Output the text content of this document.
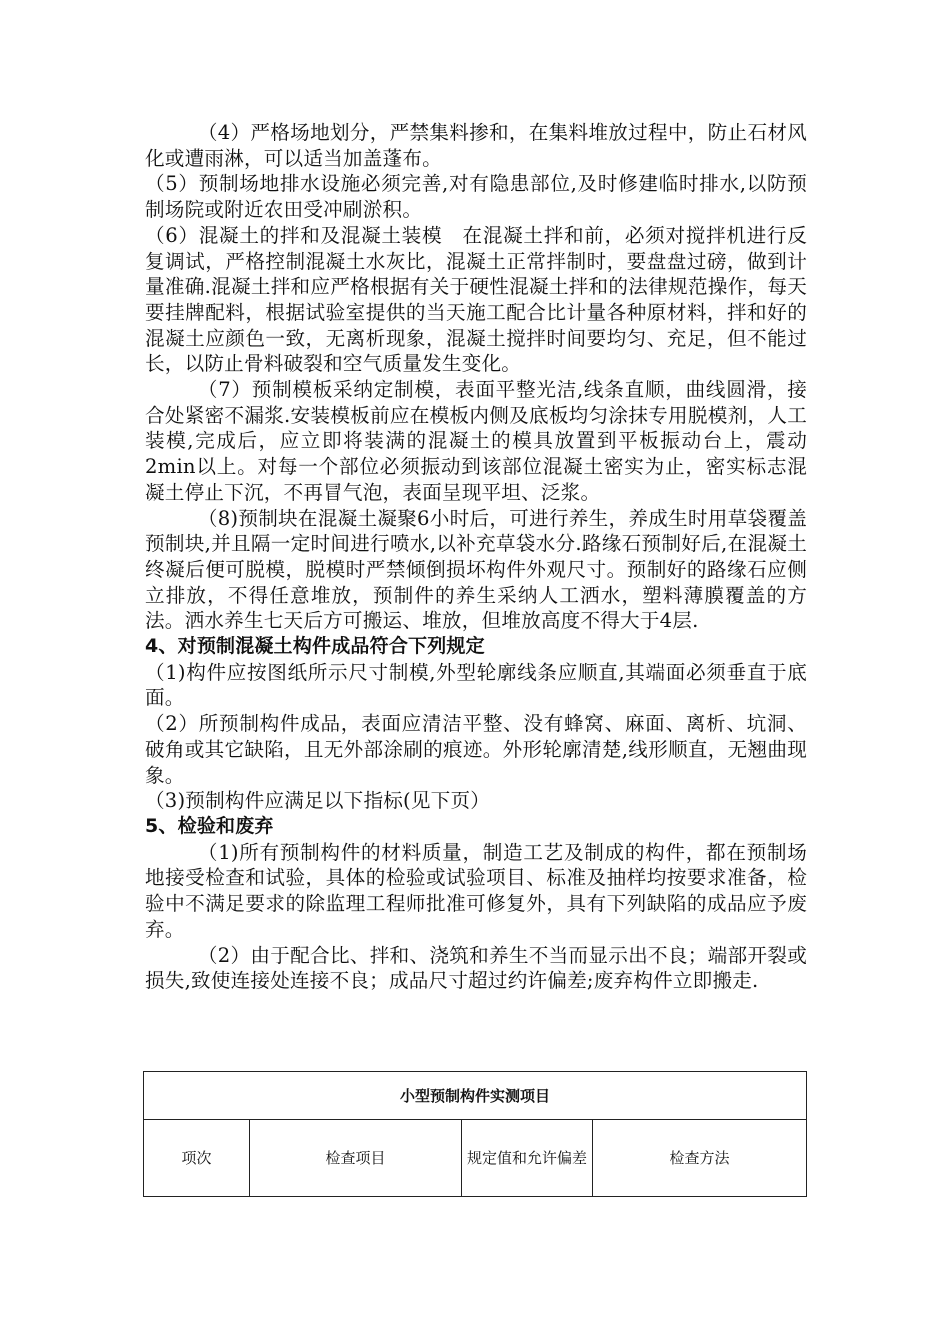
（4）严格场地划分，严禁集料掺和，在集料堆放过程中，防止石材风化或遭雨淋，可以适当加盖蓬布。

（5）预制场地排水设施必须完善,对有隐患部位,及时修建临时排水,以防预制场院或附近农田受冲刷淤积。

（6）混凝土的拌和及混凝土装模　在混凝土拌和前，必须对搅拌机进行反复调试，严格控制混凝土水灰比，混凝土正常拌制时，要盘盘过磅，做到计量准确.混凝土拌和应严格根据有关于硬性混凝土拌和的法律规范操作，每天要挂牌配料，根据试验室提供的当天施工配合比计量各种原材料，拌和好的混凝土应颜色一致，无离析现象，混凝土搅拌时间要均匀、充足，但不能过长，以防止骨料破裂和空气质量发生变化。

（7）预制模板采纳定制模，表面平整光洁,线条直顺，曲线圆滑，接合处紧密不漏浆.安装模板前应在模板内侧及底板均匀涂抹专用脱模剂，人工装模,完成后，应立即将装满的混凝土的模具放置到平板振动台上，震动2min以上。对每一个部位必须振动到该部位混凝土密实为止，密实标志混凝土停止下沉，不再冒气泡，表面呈现平坦、泛浆。

（8)预制块在混凝土凝聚6小时后，可进行养生，养成生时用草袋覆盖预制块,并且隔一定时间进行喷水,以补充草袋水分.路缘石预制好后,在混凝土终凝后便可脱模，脱模时严禁倾倒损坏构件外观尺寸。预制好的路缘石应侧立排放，不得任意堆放，预制件的养生采纳人工洒水，塑料薄膜覆盖的方法。洒水养生七天后方可搬运、堆放，但堆放高度不得大于4层.

4、对预制混凝土构件成品符合下列规定

（1)构件应按图纸所示尺寸制模,外型轮廓线条应顺直,其端面必须垂直于底面。

（2）所预制构件成品，表面应清洁平整、没有蜂窝、麻面、离析、坑洞、破角或其它缺陷，且无外部涂刷的痕迹。外形轮廓清楚,线形顺直，无翘曲现象。

（3)预制构件应满足以下指标(见下页）

5、检验和废弃

（1)所有预制构件的材料质量，制造工艺及制成的构件，都在预制场地接受检查和试验，具体的检验或试验项目、标准及抽样均按要求准备，检验中不满足要求的除监理工程师批准可修复外，具有下列缺陷的成品应予废弃。

（2）由于配合比、拌和、浇筑和养生不当而显示出不良；端部开裂或损失,致使连接处连接不良；成品尺寸超过约许偏差;废弃构件立即搬走.

小型预制构件实测项目
项次	检查项目	规定值和允许偏差	检查方法
